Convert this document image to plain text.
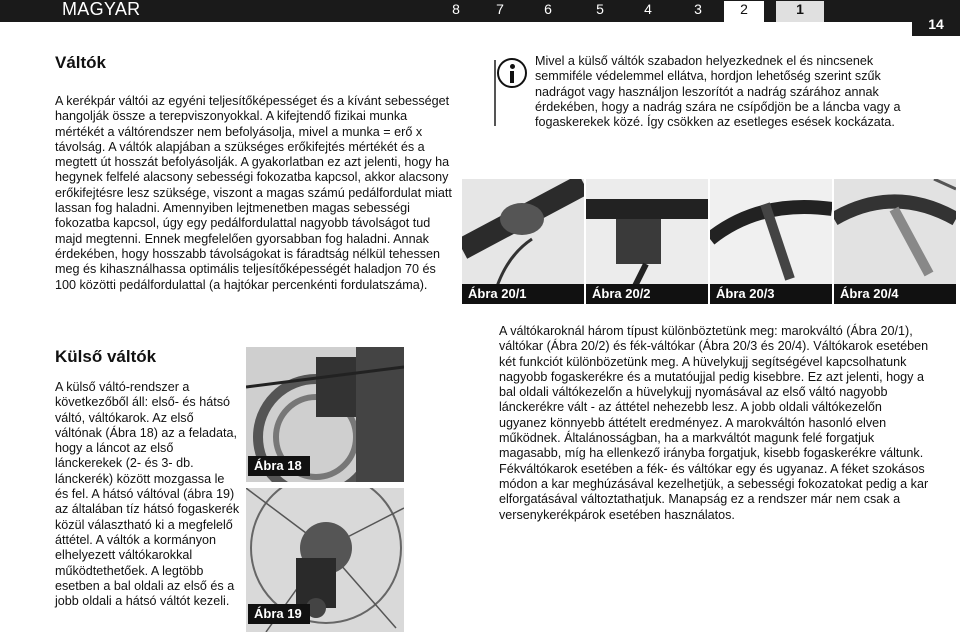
MAGYAR	8	7	6	5	4	3	2	1
14
Váltók
A kerékpár váltói az egyéni teljesítőképességet és a kívánt sebességet hangolják össze a terepviszonyokkal. A kifejtendő fizikai munka mértékét a váltórendszer nem befolyásolja, mivel a munka = erő x távolság. A váltók alapjában a szükséges erőkifejtés mértékét és a megtett út hosszát befolyásolják. A gyakorlatban ez azt jelenti, hogy ha hegynek felfelé alacsony sebességi fokozatba kapcsol, akkor alacsony erőkifejtésre lesz szüksége, viszont a magas számú pedálfordulat miatt lassan fog haladni. Amennyiben lejtmenetben magas sebességi fokozatba kapcsol, úgy egy pedálfordulattal nagyobb távolságot tud majd megtenni. Ennek megfelelően gyorsabban fog haladni. Annak érdekében, hogy hosszabb távolságokat is fáradtság nélkül tehessen meg és kihasználhassa optimális teljesítőképességét haladjon 70 és 100 közötti pedálfordulattal (a hajtókar percenkénti fordulatszáma).
Külső váltók
A külső váltó-rendszer a következőből áll: első- és hátsó váltó, váltókarok. Az első váltónak (Ábra 18) az a feladata, hogy a láncot az első lánckerekek (2- és 3- db. lánckerék) között mozgassa le és fel. A hátsó váltóval (ábra 19) az általában tíz hátsó fogaskerék közül választható ki a megfelelő áttétel. A váltók a kormányon elhelyezett váltókarokkal működtethetőek. A legtöbb esetben a bal oldali az első és a jobb oldali a hátsó váltót kezeli.
Ábra 18
Ábra 19
Mivel a külső váltók szabadon helyezkednek el és nincsenek semmiféle védelemmel ellátva, hordjon lehetőség szerint szűk nadrágot vagy használjon leszorítót a nadrág szárához annak érdekében, hogy a nadrág szára ne csípődjön be a láncba vagy a fogaskerekek közé. Így csökken az esetleges esések kockázata.
Ábra 20/1	Ábra 20/2	Ábra 20/3	Ábra 20/4
A váltókaroknál három típust különböztetünk meg: marokváltó (Ábra 20/1), váltókar (Ábra 20/2) és fék-váltókar (Ábra 20/3 és 20/4). Váltókarok esetében két funkciót különbözetünk meg. A hüvelykujj segítségével kapcsolhatunk nagyobb fogaskerékre és a mutatóujjal pedig kisebbre. Ez azt jelenti, hogy a bal oldali váltókezelőn a hüvelykujj nyomásával az első váltó nagyobb lánckerékre vált - az áttétel nehezebb lesz. A jobb oldali váltókezelőn ugyanez könnyebb áttételt eredményez. A marokváltón hasonló elven működnek. Általánosságban, ha a markváltót magunk felé forgatjuk magasabb, míg ha ellenkező irányba forgatjuk, kisebb fogaskerékre váltunk. Fékváltókarok esetében a fék- és váltókar egy és ugyanaz. A féket szokásos módon a kar meghúzásával kezelhetjük, a sebességi fokozatokat pedig a kar elforgatásával változtathatjuk. Manapság ez a rendszer már nem csak a versenykerékpárok esetében használatos.
